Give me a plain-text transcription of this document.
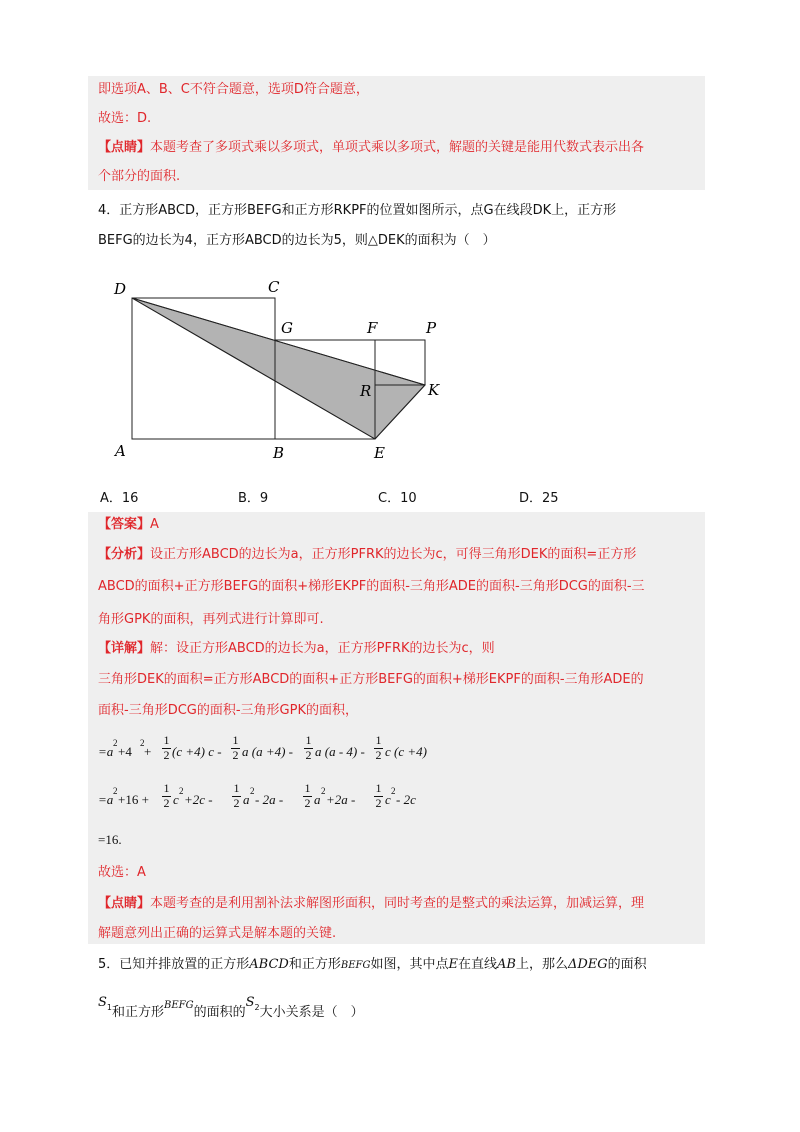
即选项A、B、C不符合题意，选项D符合题意，
故选：D.
【点睛】本题考查了多项式乘以多项式，单项式乘以多项式，解题的关键是能用代数式表示出各
个部分的面积.
4．正方形ABCD，正方形BEFG和正方形RKPF的位置如图所示，点G在线段DK上，正方形
BEFG的边长为4，正方形ABCD的边长为5，则△DEK的面积为（　）
D	C
G	F	P
R	K
A	B	E
A．16	B．9	C．10	D．25
【答案】A
【分析】设正方形ABCD的边长为a，正方形PFRK的边长为c，可得三角形DEK的面积=正方形
ABCD的面积+正方形BEFG的面积+梯形EKPF的面积-三角形ADE的面积-三角形DCG的面积-三
角形GPK的面积，再列式进行计算即可.
【详解】解：设正方形ABCD的边长为a，正方形PFRK的边长为c，则
三角形DEK的面积=正方形ABCD的面积+正方形BEFG的面积+梯形EKPF的面积-三角形ADE的
面积-三角形DCG的面积-三角形GPK的面积，
=a
2
+4
2
+
1
2 (c +4) c -
1
2 a (a +4) -
1
2 a (a - 4) -
1
2 c (c +4)
=a
2
+16 +
1
2 c
2
+2c -
1
2 a
2
- 2a -
1
2 a
2
+2a -
1
2 c
2
- 2c
=16.
故选：A
【点睛】本题考查的是利用割补法求解图形面积，同时考查的是整式的乘法运算，加减运算，理
解题意列出正确的运算式是解本题的关键.
5．已知并排放置的正方形ABCD和正方形BEFG如图，其中点E在直线AB上，那么ΔDEG的面积
$S^1$和正方形$^{BEFG}$的面积的$S^2$大小关系是（　）
